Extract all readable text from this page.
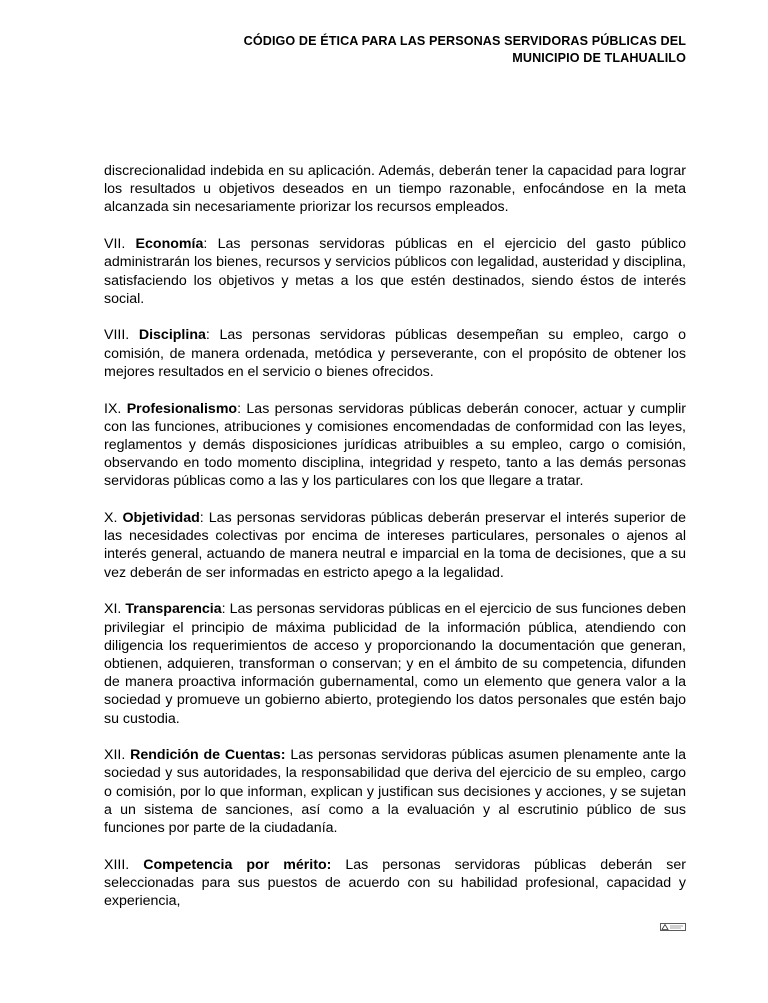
CÓDIGO DE ÉTICA PARA LAS PERSONAS SERVIDORAS PÚBLICAS DEL
MUNICIPIO DE TLAHUALILO

discrecionalidad indebida en su aplicación. Además, deberán tener la capacidad para lograr los resultados u objetivos deseados en un tiempo razonable, enfocándose en la meta alcanzada sin necesariamente priorizar los recursos empleados.

VII. Economía: Las personas servidoras públicas en el ejercicio del gasto público administrarán los bienes, recursos y servicios públicos con legalidad, austeridad y disciplina, satisfaciendo los objetivos y metas a los que estén destinados, siendo éstos de interés social.

VIII. Disciplina: Las personas servidoras públicas desempeñan su empleo, cargo o comisión, de manera ordenada, metódica y perseverante, con el propósito de obtener los mejores resultados en el servicio o bienes ofrecidos.

IX. Profesionalismo: Las personas servidoras públicas deberán conocer, actuar y cumplir con las funciones, atribuciones y comisiones encomendadas de conformidad con las leyes, reglamentos y demás disposiciones jurídicas atribuibles a su empleo, cargo o comisión, observando en todo momento disciplina, integridad y respeto, tanto a las demás personas servidoras públicas como a las y los particulares con los que llegare a tratar.

X. Objetividad: Las personas servidoras públicas deberán preservar el interés superior de las necesidades colectivas por encima de intereses particulares, personales o ajenos al interés general, actuando de manera neutral e imparcial en la toma de decisiones, que a su vez deberán de ser informadas en estricto apego a la legalidad.

XI. Transparencia: Las personas servidoras públicas en el ejercicio de sus funciones deben privilegiar el principio de máxima publicidad de la información pública, atendiendo con diligencia los requerimientos de acceso y proporcionando la documentación que generan, obtienen, adquieren, transforman o conservan; y en el ámbito de su competencia, difunden de manera proactiva información gubernamental, como un elemento que genera valor a la sociedad y promueve un gobierno abierto, protegiendo los datos personales que estén bajo su custodia.

XII. Rendición de Cuentas: Las personas servidoras públicas asumen plenamente ante la sociedad y sus autoridades, la responsabilidad que deriva del ejercicio de su empleo, cargo o comisión, por lo que informan, explican y justifican sus decisiones y acciones, y se sujetan a un sistema de sanciones, así como a la evaluación y al escrutinio público de sus funciones por parte de la ciudadanía.

XIII. Competencia por mérito: Las personas servidoras públicas deberán ser seleccionadas para sus puestos de acuerdo con su habilidad profesional, capacidad y experiencia,
